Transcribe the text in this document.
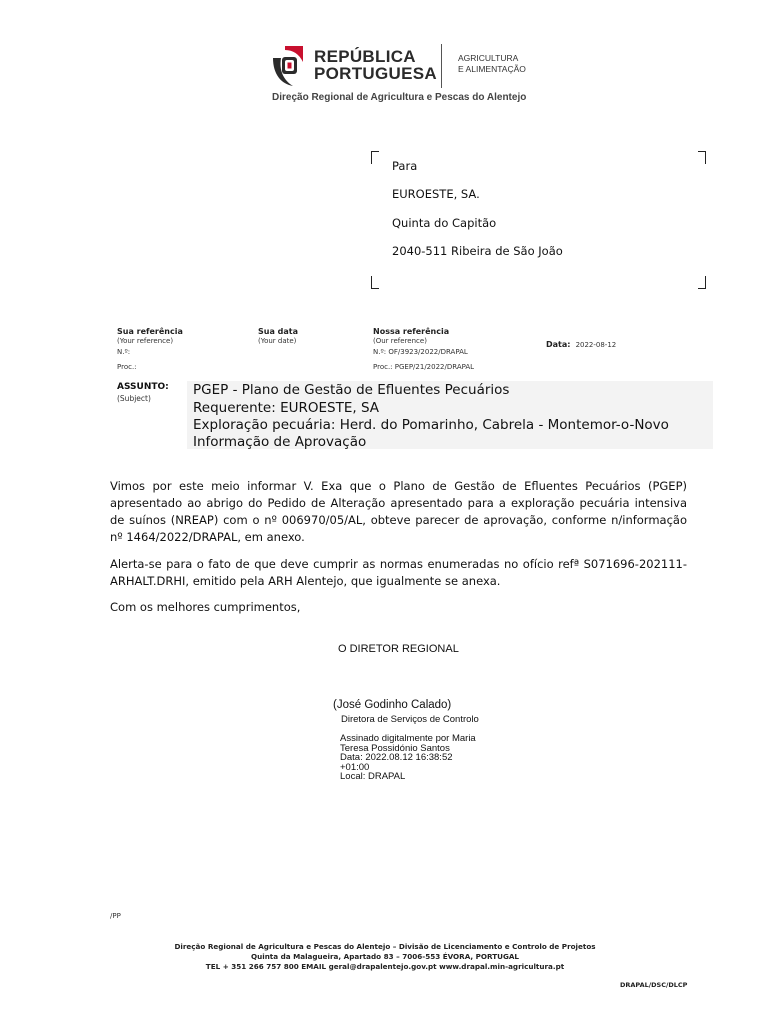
REPÚBLICA
PORTUGUESA
AGRICULTURA
E ALIMENTAÇÃO
Direção Regional de Agricultura e Pescas do Alentejo
Para
EUROESTE, SA.
Quinta do Capitão
2040-511 Ribeira de São João
Sua referência
(Your reference)
N.º:
Proc.:
Sua data
(Your date)
Nossa referência
(Our reference)
N.º: OF/3923/2022/DRAPAL
Proc.: PGEP/21/2022/DRAPAL
Data: 2022-08-12
ASSUNTO:
(Subject)
PGEP - Plano de Gestão de Efluentes Pecuários
Requerente: EUROESTE, SA
Exploração pecuária: Herd. do Pomarinho, Cabrela - Montemor-o-Novo
Informação de Aprovação
Vimos por este meio informar V. Exa que o Plano de Gestão de Efluentes Pecuários (PGEP) apresentado ao abrigo do Pedido de Alteração apresentado para a exploração pecuária intensiva de suínos (NREAP) com o nº 006970/05/AL, obteve parecer de aprovação, conforme n/informação nº 1464/2022/DRAPAL, em anexo.
Alerta-se para o fato de que deve cumprir as normas enumeradas no ofício refª S071696-202111-ARHALT.DRHI, emitido pela ARH Alentejo, que igualmente se anexa.
Com os melhores cumprimentos,
O DIRETOR REGIONAL
(José Godinho Calado)
Diretora de Serviços de Controlo
Assinado digitalmente por Maria
Teresa Possidónio Santos
Data: 2022.08.12 16:38:52
+01:00
Local: DRAPAL
/PP
Direção Regional de Agricultura e Pescas do Alentejo – Divisão de Licenciamento e Controlo de Projetos
Quinta da Malagueira, Apartado 83 – 7006-553 ÉVORA, PORTUGAL
TEL + 351 266 757 800 EMAIL geral@drapalentejo.gov.pt www.drapal.min-agricultura.pt
DRAPAL/DSC/DLCP
